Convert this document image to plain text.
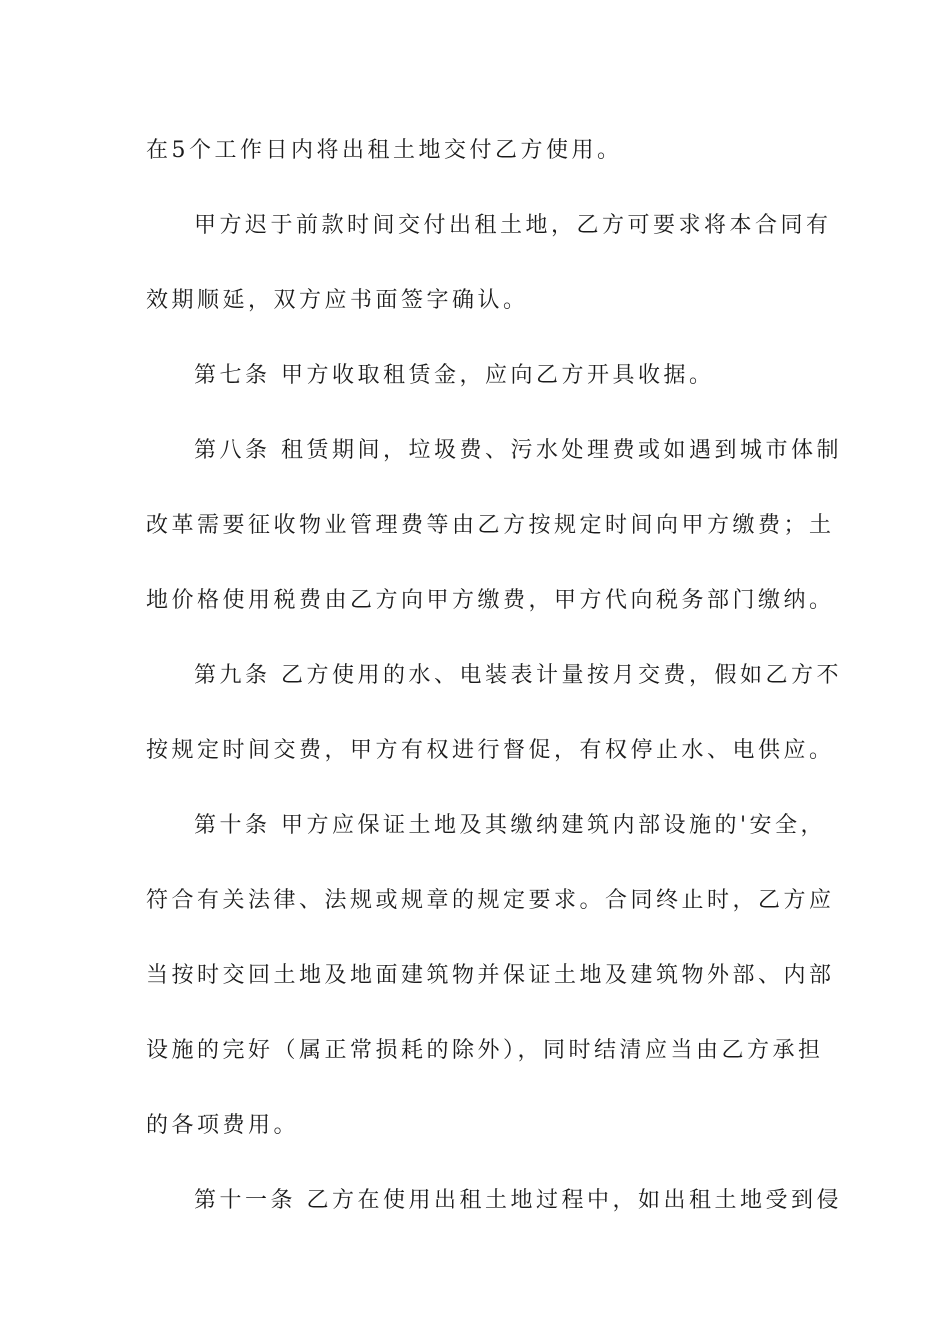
在5个工作日内将出租土地交付乙方使用。
甲方迟于前款时间交付出租土地，乙方可要求将本合同有
效期顺延，双方应书面签字确认。
第七条 甲方收取租赁金，应向乙方开具收据。
第八条 租赁期间，垃圾费、污水处理费或如遇到城市体制
改革需要征收物业管理费等由乙方按规定时间向甲方缴费；土
地价格使用税费由乙方向甲方缴费，甲方代向税务部门缴纳。
第九条 乙方使用的水、电装表计量按月交费，假如乙方不
按规定时间交费，甲方有权进行督促，有权停止水、电供应。
第十条 甲方应保证土地及其缴纳建筑内部设施的'安全，
符合有关法律、法规或规章的规定要求。合同终止时，乙方应
当按时交回土地及地面建筑物并保证土地及建筑物外部、内部
设施的完好（属正常损耗的除外），同时结清应当由乙方承担
的各项费用。
第十一条 乙方在使用出租土地过程中，如出租土地受到侵
